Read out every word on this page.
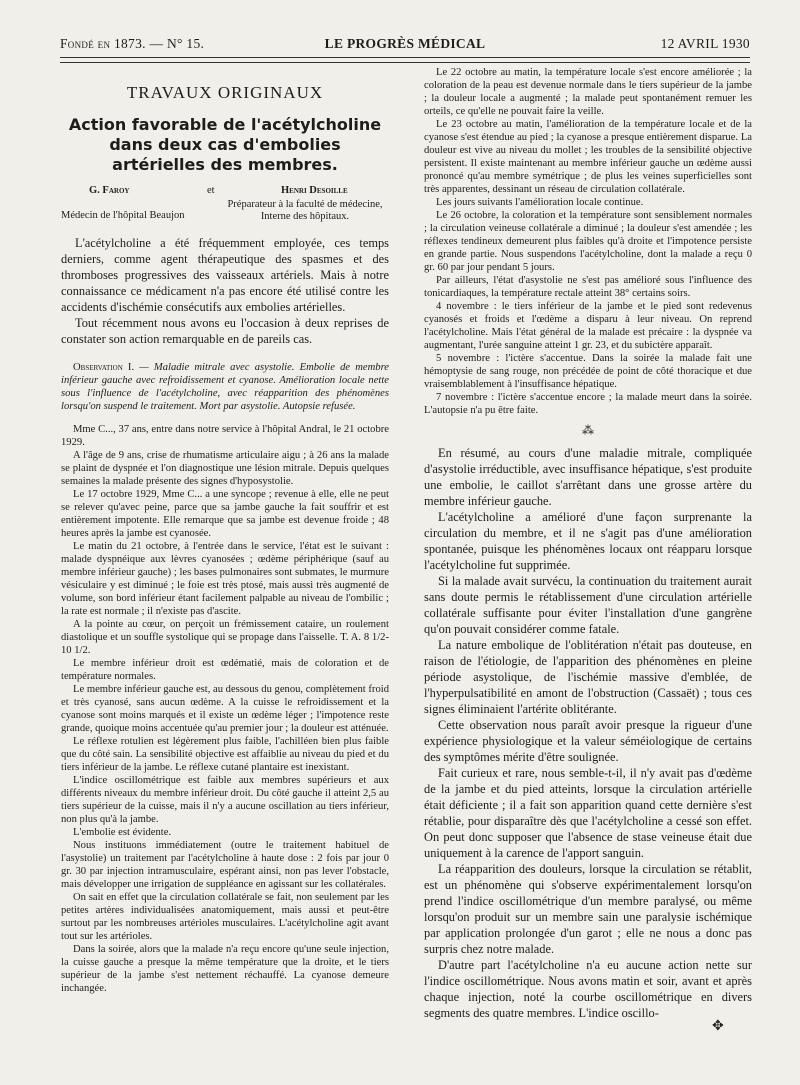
Fondé en 1873. — N° 15.	LE PROGRÈS MÉDICAL	12 AVRIL 1930
TRAVAUX ORIGINAUX
Action favorable de l'acétylcholine dans deux cas d'embolies artérielles des membres.
G. Faroy	et	Henri Desoille
Médecin de l'hôpital Beaujon
Préparateur à la faculté de médecine, Interne des hôpitaux.

L'acétylcholine a été fréquemment employée, ces temps derniers, comme agent thérapeutique des spasmes et des thromboses progressives des vaisseaux artériels. Mais à notre connaissance ce médicament n'a pas encore été utilisé contre les accidents d'ischémie consécutifs aux embolies artérielles.

Tout récemment nous avons eu l'occasion à deux reprises de constater son action remarquable en de pareils cas.

Observation I. — Maladie mitrale avec asystolie. Embolie de membre inférieur gauche avec refroidissement et cyanose. Amélioration locale nette sous l'influence de l'acétylcholine, avec réapparition des phénomènes lorsqu'on suspend le traitement. Mort par asystolie. Autopsie refusée.

Mme C..., 37 ans, entre dans notre service à l'hôpital Andral, le 21 octobre 1929.

A l'âge de 9 ans, crise de rhumatisme articulaire aigu ; à 26 ans la malade se plaint de dyspnée et l'on diagnostique une lésion mitrale. Depuis quelques semaines la malade présente des signes d'hyposystolie.

Le 17 octobre 1929, Mme C... a une syncope ; revenue à elle, elle ne peut se relever qu'avec peine, parce que sa jambe gauche la fait souffrir et est entièrement impotente. Elle remarque que sa jambe est devenue froide ; 48 heures après la jambe est cyanosée.

Le matin du 21 octobre, à l'entrée dans le service, l'état est le suivant : malade dyspnéique aux lèvres cyanosées ; œdème périphérique (sauf au membre inférieur gauche) ; les bases pulmonaires sont submates, le murmure vésiculaire y est diminué ; le foie est très ptosé, mais aussi très augmenté de volume, son bord inférieur étant facilement palpable au niveau de l'ombilic ; la rate est normale ; il n'existe pas d'ascite.

A la pointe au cœur, on perçoit un frémissement cataire, un roulement diastolique et un souffle systolique qui se propage dans l'aisselle. T. A. 8 1/2-10 1/2.

Le membre inférieur droit est œdématié, mais de coloration et de température normales.

Le membre inférieur gauche est, au dessous du genou, complètement froid et très cyanosé, sans aucun œdème. A la cuisse le refroidissement et la cyanose sont moins marqués et il existe un œdème léger ; l'impotence reste grande, quoique moins accentuée qu'au premier jour ; la douleur est atténuée.

Le réflexe rotulien est légèrement plus faible, l'achilléen bien plus faible que du côté sain. La sensibilité objective est affaiblie au niveau du pied et du tiers inférieur de la jambe. Le réflexe cutané plantaire est inexistant.

L'indice oscillométrique est faible aux membres supérieurs et aux différents niveaux du membre inférieur droit. Du côté gauche il atteint 2,5 au tiers supérieur de la cuisse, mais il n'y a aucune oscillation au tiers inférieur, non plus qu'à la jambe.

L'embolie est évidente.

Nous instituons immédiatement (outre le traitement habituel de l'asystolie) un traitement par l'acétylcholine à haute dose : 2 fois par jour 0 gr. 30 par injection intramusculaire, espérant ainsi, non pas lever l'obstacle, mais développer une irrigation de suppléance en agissant sur les collatérales.

On sait en effet que la circulation collatérale se fait, non seulement par les petites artères individualisées anatomiquement, mais aussi et peut-être surtout par les nombreuses artérioles musculaires. L'acétylcholine agit avant tout sur les artérioles.

Dans la soirée, alors que la malade n'a reçu encore qu'une seule injection, la cuisse gauche a presque la même température que la droite, et le tiers supérieur de la jambe s'est nettement réchauffé. La cyanose demeure inchangée.

Le 22 octobre au matin, la température locale s'est encore améliorée ; la coloration de la peau est devenue normale dans le tiers supérieur de la jambe ; la douleur locale a augmenté ; la malade peut spontanément remuer les orteils, ce qu'elle ne pouvait faire la veille.

Le 23 octobre au matin, l'amélioration de la température locale et de la cyanose s'est étendue au pied ; la cyanose a presque entièrement disparue. La douleur est vive au niveau du mollet ; les troubles de la sensibilité objective persistent. Il existe maintenant au membre inférieur gauche un œdème aussi prononcé qu'au membre symétrique ; de plus les veines superficielles sont très apparentes, dessinant un réseau de circulation collatérale.

Les jours suivants l'amélioration locale continue.

Le 26 octobre, la coloration et la température sont sensiblement normales ; la circulation veineuse collatérale a diminué ; la douleur s'est amendée ; les réflexes tendineux demeurent plus faibles qu'à droite et l'impotence persiste en grande partie. Nous suspendons l'acétylcholine, dont la malade a reçu 0 gr. 60 par jour pendant 5 jours.

Par ailleurs, l'état d'asystolie ne s'est pas amélioré sous l'influence des tonicardiaques, la température rectale atteint 38° certains soirs.

4 novembre : le tiers inférieur de la jambe et le pied sont redevenus cyanosés et froids et l'œdème a disparu à leur niveau. On reprend l'acétylcholine. Mais l'état général de la malade est précaire : la dyspnée va augmentant, l'urée sanguine atteint 1 gr. 23, et du subictère apparaît.

5 novembre : l'ictère s'accentue. Dans la soirée la malade fait une hémoptysie de sang rouge, non précédée de point de côté thoracique et due vraisemblablement à l'insuffisance hépatique.

7 novembre : l'ictère s'accentue encore ; la malade meurt dans la soirée. L'autopsie n'a pu être faite.

⁂

En résumé, au cours d'une maladie mitrale, compliquée d'asystolie irréductible, avec insuffisance hépatique, s'est produite une embolie, le caillot s'arrêtant dans une grosse artère du membre inférieur gauche.

L'acétylcholine a amélioré d'une façon surprenante la circulation du membre, et il ne s'agit pas d'une amélioration spontanée, puisque les phénomènes locaux ont réapparu lorsque l'acétylcholine fut supprimée.

Si la malade avait survécu, la continuation du traitement aurait sans doute permis le rétablissement d'une circulation artérielle collatérale suffisante pour éviter l'installation d'une gangrène qu'on pouvait considérer comme fatale.

La nature embolique de l'oblitération n'était pas douteuse, en raison de l'étiologie, de l'apparition des phénomènes en pleine période asystolique, de l'ischémie massive d'emblée, de l'hyperpulsatibilité en amont de l'obstruction (Cassaët) ; tous ces signes éliminaient l'artérite oblitérante.

Cette observation nous paraît avoir presque la rigueur d'une expérience physiologique et la valeur séméiologique de certains des symptômes mérite d'être soulignée.

Fait curieux et rare, nous semble-t-il, il n'y avait pas d'œdème de la jambe et du pied atteints, lorsque la circulation artérielle était déficiente ; il a fait son apparition quand cette dernière s'est rétablie, pour disparaître dès que l'acétylcholine a cessé son effet. On peut donc supposer que l'absence de stase veineuse était due uniquement à la carence de l'apport sanguin.

La réapparition des douleurs, lorsque la circulation se rétablit, est un phénomène qui s'observe expérimentalement lorsqu'on prend l'indice oscillométrique d'un membre paralysé, ou même lorsqu'on produit sur un membre sain une paralysie ischémique par application prolongée d'un garot ; elle ne nous a donc pas surpris chez notre malade.

D'autre part l'acétylcholine n'a eu aucune action nette sur l'indice oscillométrique. Nous avons matin et soir, avant et après chaque injection, noté la courbe oscillométrique en divers segments des quatre membres. L'indice oscillo-

✥
